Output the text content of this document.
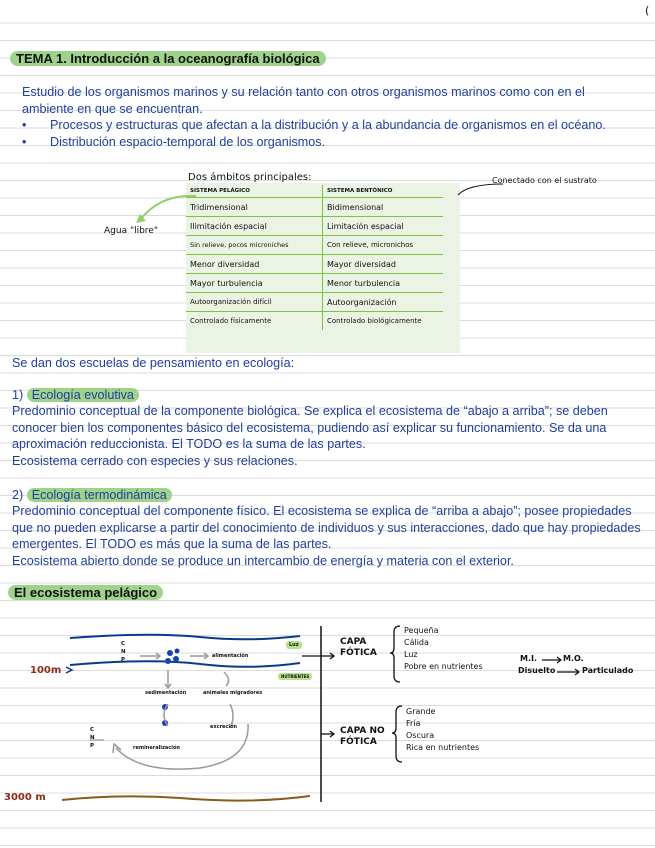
(
TEMA 1. Introducción a la oceanografía biológica
Estudio de los organismos marinos y su relación tanto con otros organismos marinos como con en el ambiente en que se encuentran.
• Procesos y estructuras que afectan a la distribución y a la abundancia de organismos en el océano.
• Distribución espacio-temporal de los organismos.
Dos ámbitos principales:
SISTEMA PELÁGICO	SISTEMA BENTÓNICO
Tridimensional	Bidimensional
Ilimitación espacial	Limitación espacial
Sin relieve, pocos microniches	Con relieve, micronichos
Menor diversidad	Mayor diversidad
Mayor turbulencia	Menor turbulencia
Autoorganización difícil	Autoorganización
Controlado físicamente	Controlado biológicamente
Agua "libre"
Conectado con el sustrato
Se dan dos escuelas de pensamiento en ecología:
1) Ecología evolutiva
Predominio conceptual de la componente biológica. Se explica el ecosistema de “abajo a arriba”; se deben conocer bien los componentes básico del ecosistema, pudiendo así explicar su funcionamiento. Se da una aproximación reduccionista. El TODO es la suma de las partes.
Ecosistema cerrado con especies y sus relaciones.
2) Ecología termodinámica
Predominio conceptual del componente físico. El ecosistema se explica de “arriba a abajo”; posee propiedades que no pueden explicarse a partir del conocimiento de individuos y sus interacciones, dado que hay propiedades emergentes. El TODO es más que la suma de las partes.
Ecosistema abierto donde se produce un intercambio de energía y materia con el exterior.
El ecosistema pelágico
100m
3000 m
C N P
C N P
Luz
NUTRIENTES
alimentación
sedimentación	animales migradores
excreción
remineralización
CAPA FÓTICA
CAPA NO FÓTICA
Pequeña
Cálida
Luz
Pobre en nutrientes
Grande
Fría
Oscura
Rica en nutrientes
M.I.	M.O.
Disuelto	Particulado
